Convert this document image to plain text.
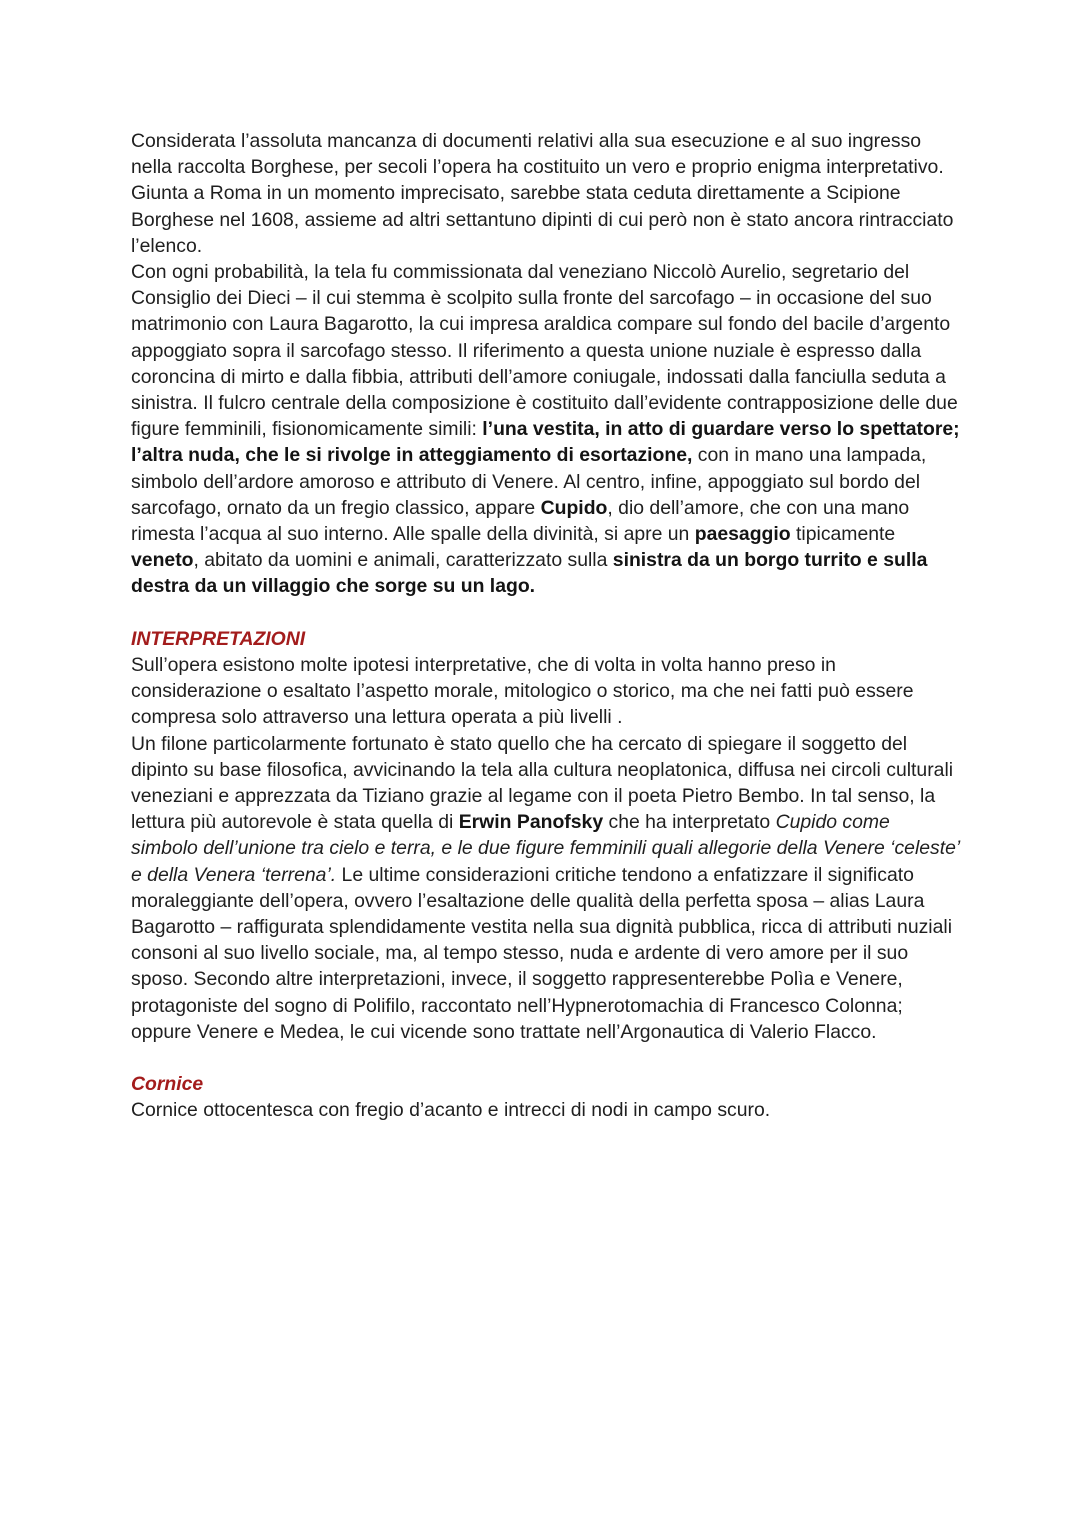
Considerata l’assoluta mancanza di documenti relativi alla sua esecuzione e al suo ingresso nella raccolta Borghese, per secoli l’opera ha costituito un vero e proprio enigma interpretativo. Giunta a Roma in un momento imprecisato, sarebbe stata ceduta direttamente a Scipione Borghese nel 1608, assieme ad altri settantuno dipinti di cui però non è stato ancora rintracciato l’elenco.

Con ogni probabilità, la tela fu commissionata dal veneziano Niccolò Aurelio, segretario del Consiglio dei Dieci – il cui stemma è scolpito sulla fronte del sarcofago – in occasione del suo matrimonio con Laura Bagarotto, la cui impresa araldica compare sul fondo del bacile d’argento appoggiato sopra il sarcofago stesso. Il riferimento a questa unione nuziale è espresso dalla coroncina di mirto e dalla fibbia, attributi dell’amore coniugale, indossati dalla fanciulla seduta a sinistra. Il fulcro centrale della composizione è costituito dall’evidente contrapposizione delle due figure femminili, fisionomicamente simili: l’una vestita, in atto di guardare verso lo spettatore; l’altra nuda, che le si rivolge in atteggiamento di esortazione, con in mano una lampada, simbolo dell’ardore amoroso e attributo di Venere. Al centro, infine, appoggiato sul bordo del sarcofago, ornato da un fregio classico, appare Cupido, dio dell’amore, che con una mano rimesta l’acqua al suo interno. Alle spalle della divinità, si apre un paesaggio tipicamente veneto, abitato da uomini e animali, caratterizzato sulla sinistra da un borgo turrito e sulla destra da un villaggio che sorge su un lago.

INTERPRETAZIONI

Sull’opera esistono molte ipotesi interpretative, che di volta in volta hanno preso in considerazione o esaltato l’aspetto morale, mitologico o storico, ma che nei fatti può essere compresa solo attraverso una lettura operata a più livelli .

Un filone particolarmente fortunato è stato quello che ha cercato di spiegare il soggetto del dipinto su base filosofica, avvicinando la tela alla cultura neoplatonica, diffusa nei circoli culturali veneziani e apprezzata da Tiziano grazie al legame con il poeta Pietro Bembo. In tal senso, la lettura più autorevole è stata quella di Erwin Panofsky che ha interpretato Cupido come simbolo dell’unione tra cielo e terra, e le due figure femminili quali allegorie della Venere ‘celeste’ e della Venera ‘terrena’. Le ultime considerazioni critiche tendono a enfatizzare il significato moraleggiante dell’opera, ovvero l’esaltazione delle qualità della perfetta sposa – alias Laura Bagarotto – raffigurata splendidamente vestita nella sua dignità pubblica, ricca di attributi nuziali consoni al suo livello sociale, ma, al tempo stesso, nuda e ardente di vero amore per il suo sposo. Secondo altre interpretazioni, invece, il soggetto rappresenterebbe Polìa e Venere, protagoniste del sogno di Polifilo, raccontato nell’Hypnerotomachia di Francesco Colonna; oppure Venere e Medea, le cui vicende sono trattate nell’Argonautica di Valerio Flacco.

Cornice

Cornice ottocentesca con fregio d’acanto e intrecci di nodi in campo scuro.
